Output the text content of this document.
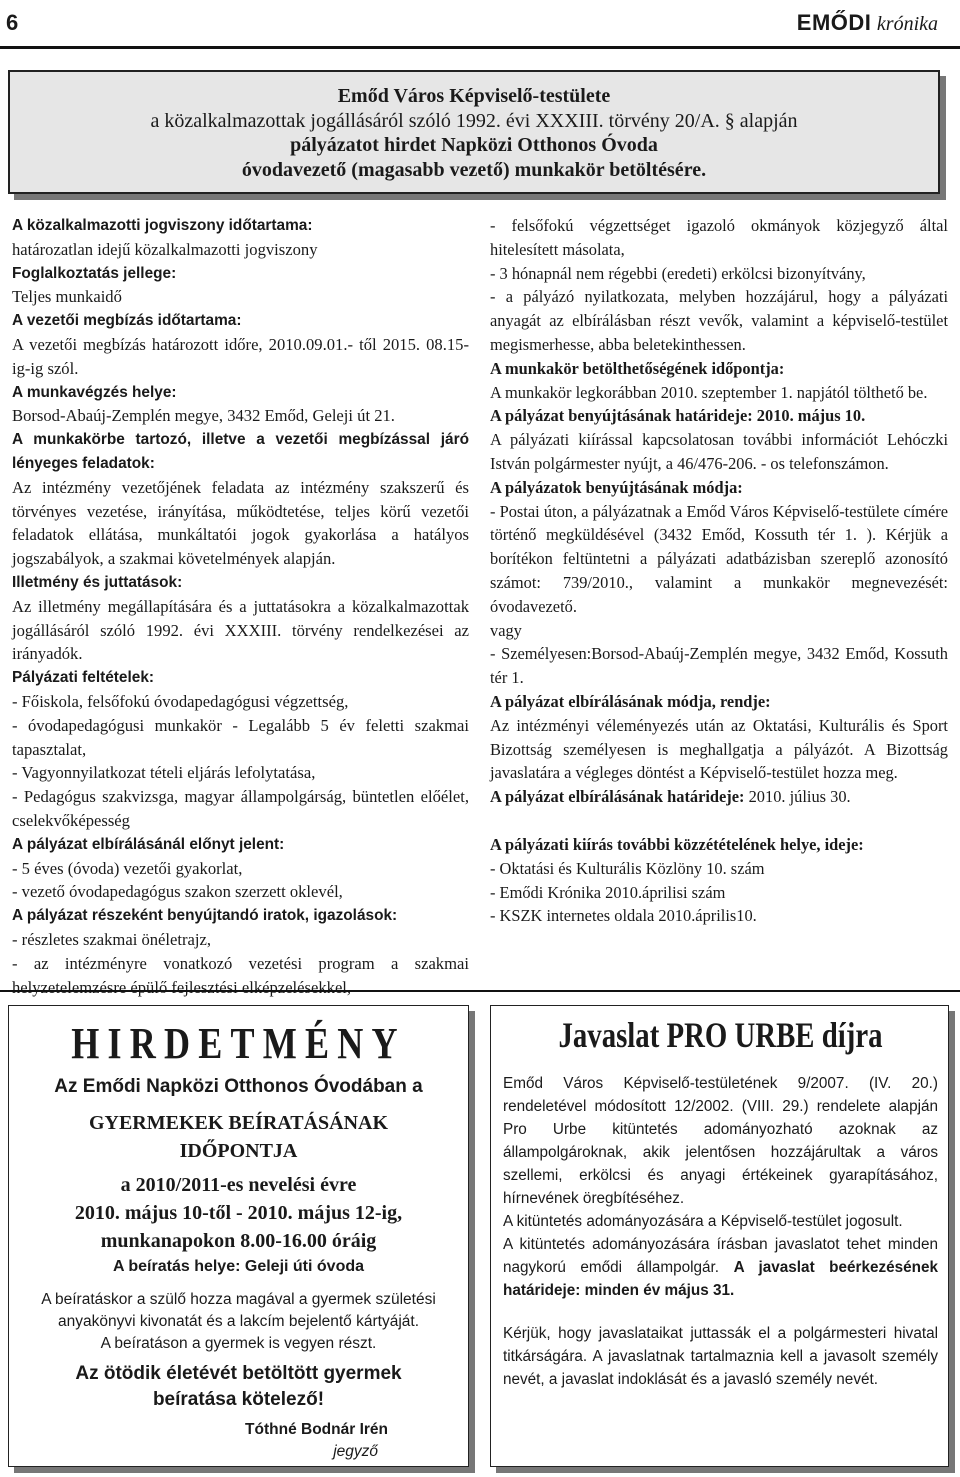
6	EMŐDI krónika
Emőd Város Képviselő-testülete
a közalkalmazottak jogállásáról szóló 1992. évi XXXIII. törvény 20/A. § alapján
pályázatot hirdet Napközi Otthonos Óvoda
óvodavezető (magasabb vezető) munkakör betöltésére.

A közalkalmazotti jogviszony időtartama:

határozatlan idejű közalkalmazotti jogviszony

Foglalkoztatás jellege:

Teljes munkaidő

A vezetői megbízás időtartama:

A vezetői megbízás határozott időre, 2010.09.01.- től 2015. 08.15-ig-ig szól.

A munkavégzés helye:

Borsod-Abaúj-Zemplén megye, 3432 Emőd, Geleji út 21.

A munkakörbe tartozó, illetve a vezetői megbízással járó lényeges feladatok:

Az intézmény vezetőjének feladata az intézmény szakszerű és törvényes vezetése, irányítása, működtetése, teljes körű vezetői feladatok ellátása, munkáltatói jogok gyakorlása a hatályos jogszabályok, a szakmai követelmények alapján.

Illetmény és juttatások:

Az illetmény megállapítására és a juttatásokra a közalkalmazottak jogállásáról szóló 1992. évi XXXIII. törvény rendelkezései az irányadók.

Pályázati feltételek:

- Főiskola, felsőfokú óvodapedagógusi végzettség,

- óvodapedagógusi munkakör - Legalább 5 év feletti szakmai tapasztalat,

- Vagyonnyilatkozat tételi eljárás lefolytatása,

- Pedagógus szakvizsga, magyar állampolgárság, büntetlen előélet, cselekvőképesség

A pályázat elbírálásánál előnyt jelent:

- 5 éves (óvoda) vezetői gyakorlat,

- vezető óvodapedagógus szakon szerzett oklevél,

A pályázat részeként benyújtandó iratok, igazolások:

- részletes szakmai önéletrajz,

- az intézményre vonatkozó vezetési program a szakmai helyzetelemzésre épülő fejlesztési elképzelésekkel,

- felsőfokú végzettséget igazoló okmányok közjegyző által hitelesített másolata,

- 3 hónapnál nem régebbi (eredeti) erkölcsi bizonyítvány,

- a pályázó nyilatkozata, melyben hozzájárul, hogy a pályázati anyagát az elbírálásban részt vevők, valamint a képviselő-testület megismerhesse, abba beletekinthessen.

A munkakör betölthetőségének időpontja:

A munkakör legkorábban 2010. szeptember 1. napjától tölthető be.

A pályázat benyújtásának határideje: 2010. május 10.

A pályázati kiírással kapcsolatosan további információt Lehóczki István polgármester nyújt, a 46/476-206. - os telefonszámon.

A pályázatok benyújtásának módja:

- Postai úton, a pályázatnak a Emőd Város Képviselő-testülete címére történő megküldésével (3432 Emőd, Kossuth tér 1. ). Kérjük a borítékon feltüntetni a pályázati adatbázisban szereplő azonosító számot: 739/2010., valamint a munkakör megnevezését: óvodavezető.

vagy

- Személyesen:Borsod-Abaúj-Zemplén megye, 3432 Emőd, Kossuth tér 1.

A pályázat elbírálásának módja, rendje:

Az intézményi véleményezés után az Oktatási, Kulturális és Sport Bizottság személyesen is meghallgatja a pályázót. A Bizottság javaslatára a végleges döntést a Képviselő-testület hozza meg.

A pályázat elbírálásának határideje: 2010. július 30.

A pályázati kiírás további közzétételének helye, ideje:

- Oktatási és Kulturális Közlöny 10. szám

- Emődi Krónika 2010.áprilisi szám

- KSZK internetes oldala 2010.április10.

HIRDETMÉNY
Az Emődi Napközi Otthonos Óvodában a
GYERMEKEK BEÍRATÁSÁNAK
IDŐPONTJA
a 2010/2011-es nevelési évre
2010. május 10-től - 2010. május 12-ig,
munkanapokon 8.00-16.00 óráig
A beíratás helye: Geleji úti óvoda
A beíratáskor a szülő hozza magával a gyermek születési anyakönyvi kivonatát és a lakcím bejelentő kártyáját.
A beíratáson a gyermek is vegyen részt.
Az ötödik életévét betöltött gyermek beíratása kötelező!
Tóthné Bodnár Irén
jegyző
Javaslat PRO URBE díjra

Emőd Város Képviselő-testületének 9/2007. (IV. 20.) rendeletével módosított 12/2002. (VIII. 29.) rendelete alapján Pro Urbe kitüntetés adományozható azoknak az állampolgároknak, akik jelentősen hozzájárultak a város szellemi, erkölcsi és anyagi értékeinek gyarapításához, hírnevének öregbítéséhez.

A kitüntetés adományozására a Képviselő-testület jogosult.

A kitüntetés adományozására írásban javaslatot tehet minden nagykorú emődi állampolgár. A javaslat beérkezésének határideje: minden év május 31.

Kérjük, hogy javaslataikat juttassák el a polgármesteri hivatal titkárságára. A javaslatnak tartalmaznia kell a javasolt személy nevét, a javaslat indoklását és a javasló személy nevét.
